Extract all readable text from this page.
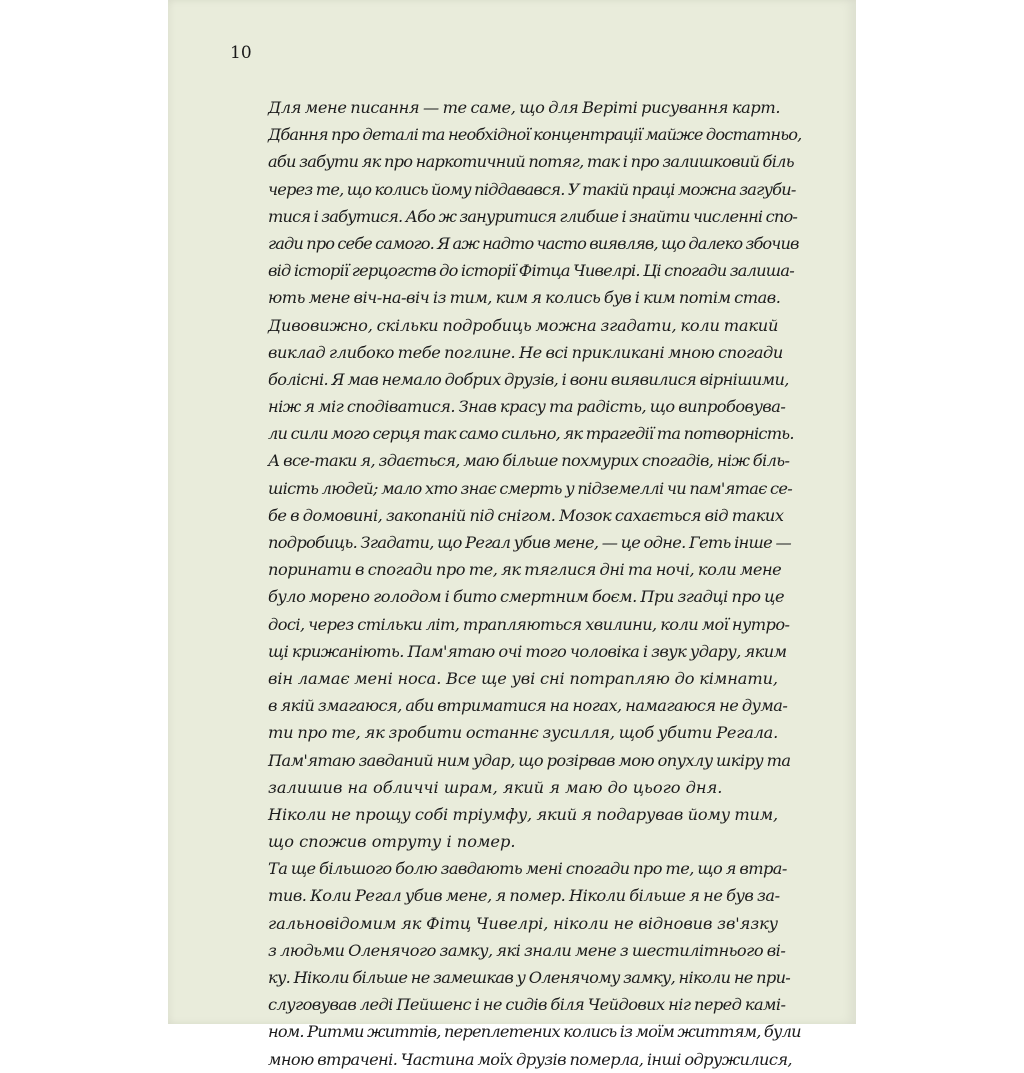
10
Для мене писання — те саме, що для Веріті рисування карт.
Дбання про деталі та необхідної концентрації майже достатньо,
аби забути як про наркотичний потяг, так і про залишковий біль
через те, що колись йому піддавався. У такій праці можна загуби-
тися і забутися. Або ж зануритися глибше і знайти численні спо-
гади про себе самого. Я аж надто часто виявляв, що далеко збочив
від історії герцогств до історії Фітца Чивелрі. Ці спогади залиша-
ють мене віч-на-віч із тим, ким я колись був і ким потім став.
Дивовижно, скільки подробиць можна згадати, коли такий
виклад глибоко тебе поглине. Не всі прикликані мною спогади
болісні. Я мав немало добрих друзів, і вони виявилися вірнішими,
ніж я міг сподіватися. Знав красу та радість, що випробовува-
ли сили мого серця так само сильно, як трагедії та потворність.
А все-таки я, здається, маю більше похмурих спогадів, ніж біль-
шість людей; мало хто знає смерть у підземеллі чи пам'ятає се-
бе в домовині, закопаній під снігом. Мозок сахається від таких
подробиць. Згадати, що Регал убив мене, — це одне. Геть інше —
поринати в спогади про те, як тяглися дні та ночі, коли мене
було морено голодом і бито смертним боєм. При згадці про це
досі, через стільки літ, трапляються хвилини, коли мої нутро-
щі крижаніють. Пам'ятаю очі того чоловіка і звук удару, яким
він ламає мені носа. Все ще уві сні потрапляю до кімнати,
в якій змагаюся, аби втриматися на ногах, намагаюся не дума-
ти про те, як зробити останнє зусилля, щоб убити Регала.
Пам'ятаю завданий ним удар, що розірвав мою опухлу шкіру та
залишив на обличчі шрам, який я маю до цього дня.
Ніколи не прощу собі тріумфу, який я подарував йому тим,
що спожив отруту і помер.
Та ще більшого болю завдають мені спогади про те, що я втра-
тив. Коли Регал убив мене, я помер. Ніколи більше я не був за-
гальновідомим як Фітц Чивелрі, ніколи не відновив зв'язку
з людьми Оленячого замку, які знали мене з шестилітнього ві-
ку. Ніколи більше не замешкав у Оленячому замку, ніколи не при-
слуговував леді Пейшенс і не сидів біля Чейдових ніг перед камі-
ном. Ритми життів, переплетених колись із моїм життям, були
мною втрачені. Частина моїх друзів померла, інші одружилися,
